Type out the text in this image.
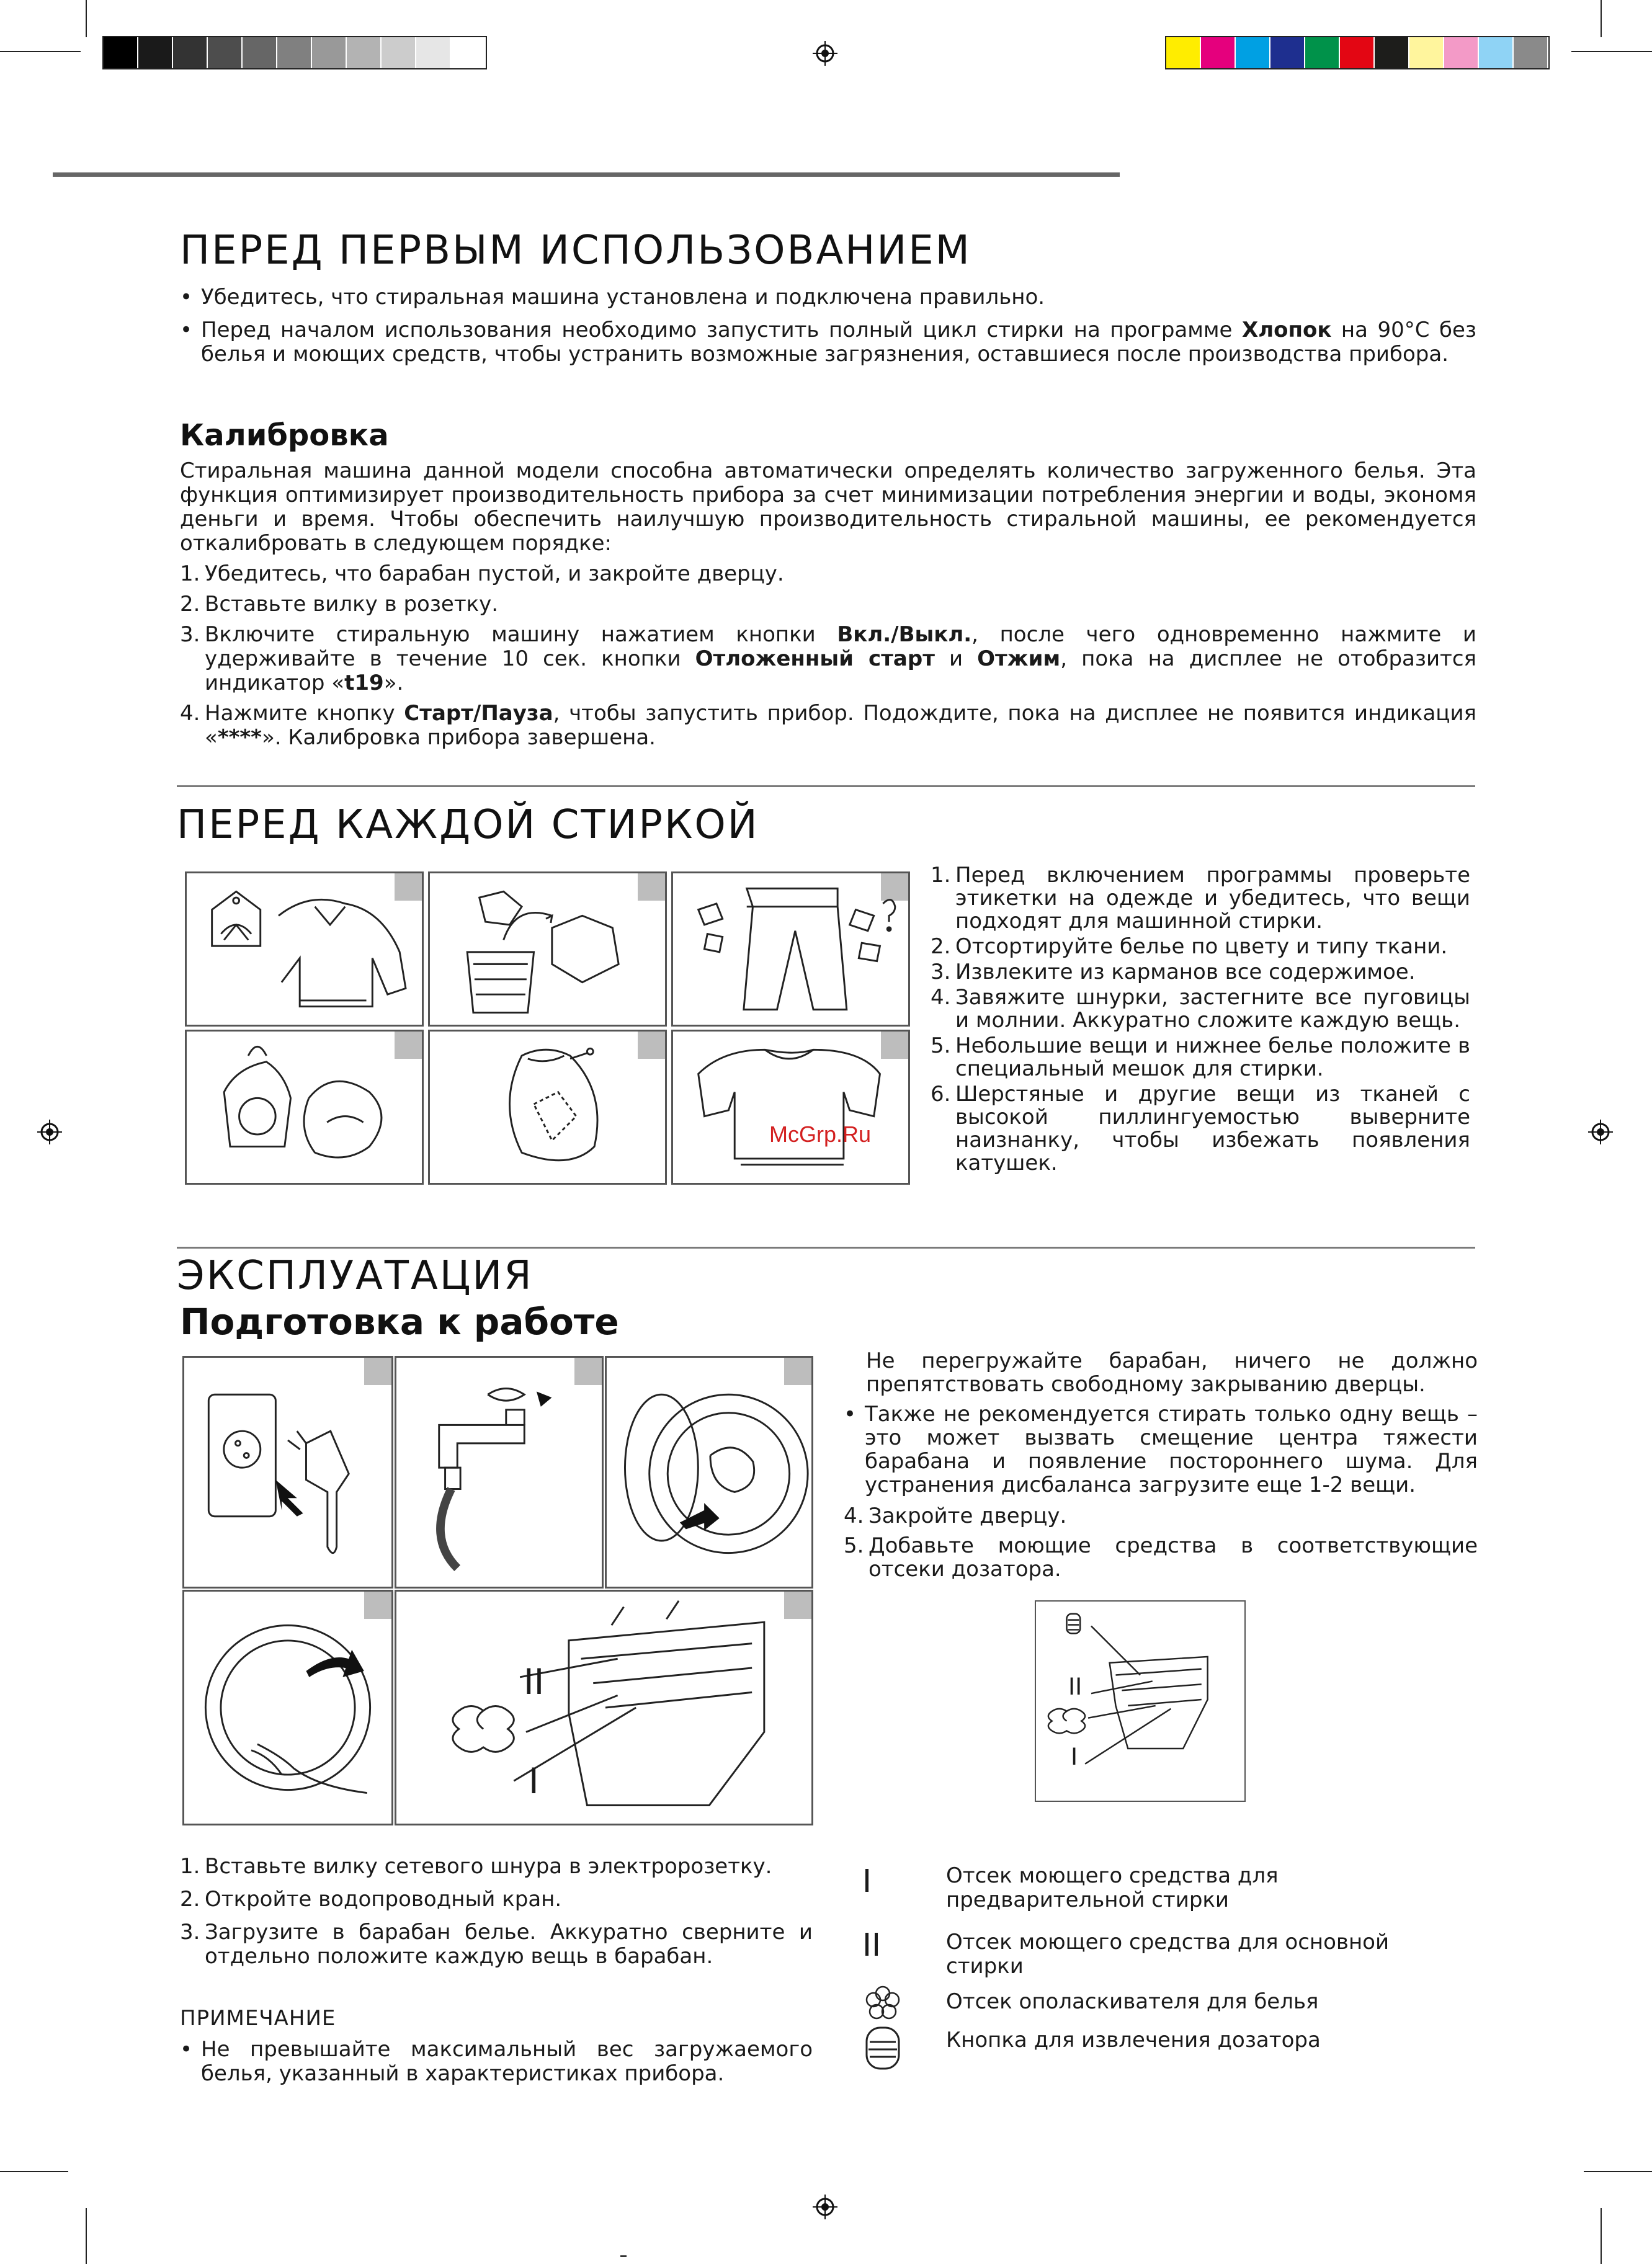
ПЕРЕД ПЕРВЫМ ИСПОЛЬЗОВАНИЕМ
• Убедитесь, что стиральная машина установлена и подключена правильно.
• Перед началом использования необходимо запустить полный цикл стирки на программе Хлопок на 90°C без белья и моющих средств, чтобы устранить возможные загрязнения, оставшиеся после производства прибора.
Калибровка

Стиральная машина данной модели способна автоматически определять количество загруженного белья. Эта функция оптимизирует производительность прибора за счет минимизации потребления энергии и воды, экономя деньги и время. Чтобы обеспечить наилучшую производительность стиральной машины, ее рекомендуется откалибровать в следующем порядке:

1. Убедитесь, что барабан пустой, и закройте дверцу.
2. Вставьте вилку в розетку.
3. Включите стиральную машину нажатием кнопки Вкл./Выкл., после чего одновременно нажмите и удерживайте в течение 10 сек. кнопки Отложенный старт и Отжим, пока на дисплее не отобразится индикатор «t19».
4. Нажмите кнопку Старт/Пауза, чтобы запустить прибор. Подождите, пока на дисплее не появится индикация «****». Калибровка прибора завершена.
ПЕРЕД КАЖДОЙ СТИРКОЙ
McGrp.Ru
1. Перед включением программы проверьте этикетки на одежде и убедитесь, что вещи подходят для машинной стирки.
2. Отсортируйте белье по цвету и типу ткани.
3. Извлеките из карманов все содержимое.
4. Завяжите шнурки, застегните все пуговицы и молнии. Аккуратно сложите каждую вещь.
5. Небольшие вещи и нижнее белье положите в специальный мешок для стирки.
6. Шерстяные и другие вещи из тканей с высокой пиллингуемостью выверните наизнанку, чтобы избежать появления катушек.
ЭКСПЛУАТАЦИЯ
Подготовка к работе
II
I
1. Вставьте вилку сетевого шнура в электророзетку.
2. Откройте водопроводный кран.
3. Загрузите в барабан белье. Аккуратно сверните и отдельно положите каждую вещь в барабан.
ПРИМЕЧАНИЕ
• Не превышайте максимальный вес загружаемого белья, указанный в характеристиках прибора.

Не перегружайте барабан, ничего не должно препятствовать свободному закрыванию дверцы.

• Также не рекомендуется стирать только одну вещь – это может вызвать смещение центра тяжести барабана и появление постороннего шума. Для устранения дисбаланса загрузите еще 1-2 вещи.
4. Закройте дверцу.
5. Добавьте моющие средства в соответствующие отсеки дозатора.
II
I
I	Отсек моющего средства для предварительной стирки
II	Отсек моющего средства для основной стирки
Отсек ополаскивателя для белья
Кнопка для извлечения дозатора
